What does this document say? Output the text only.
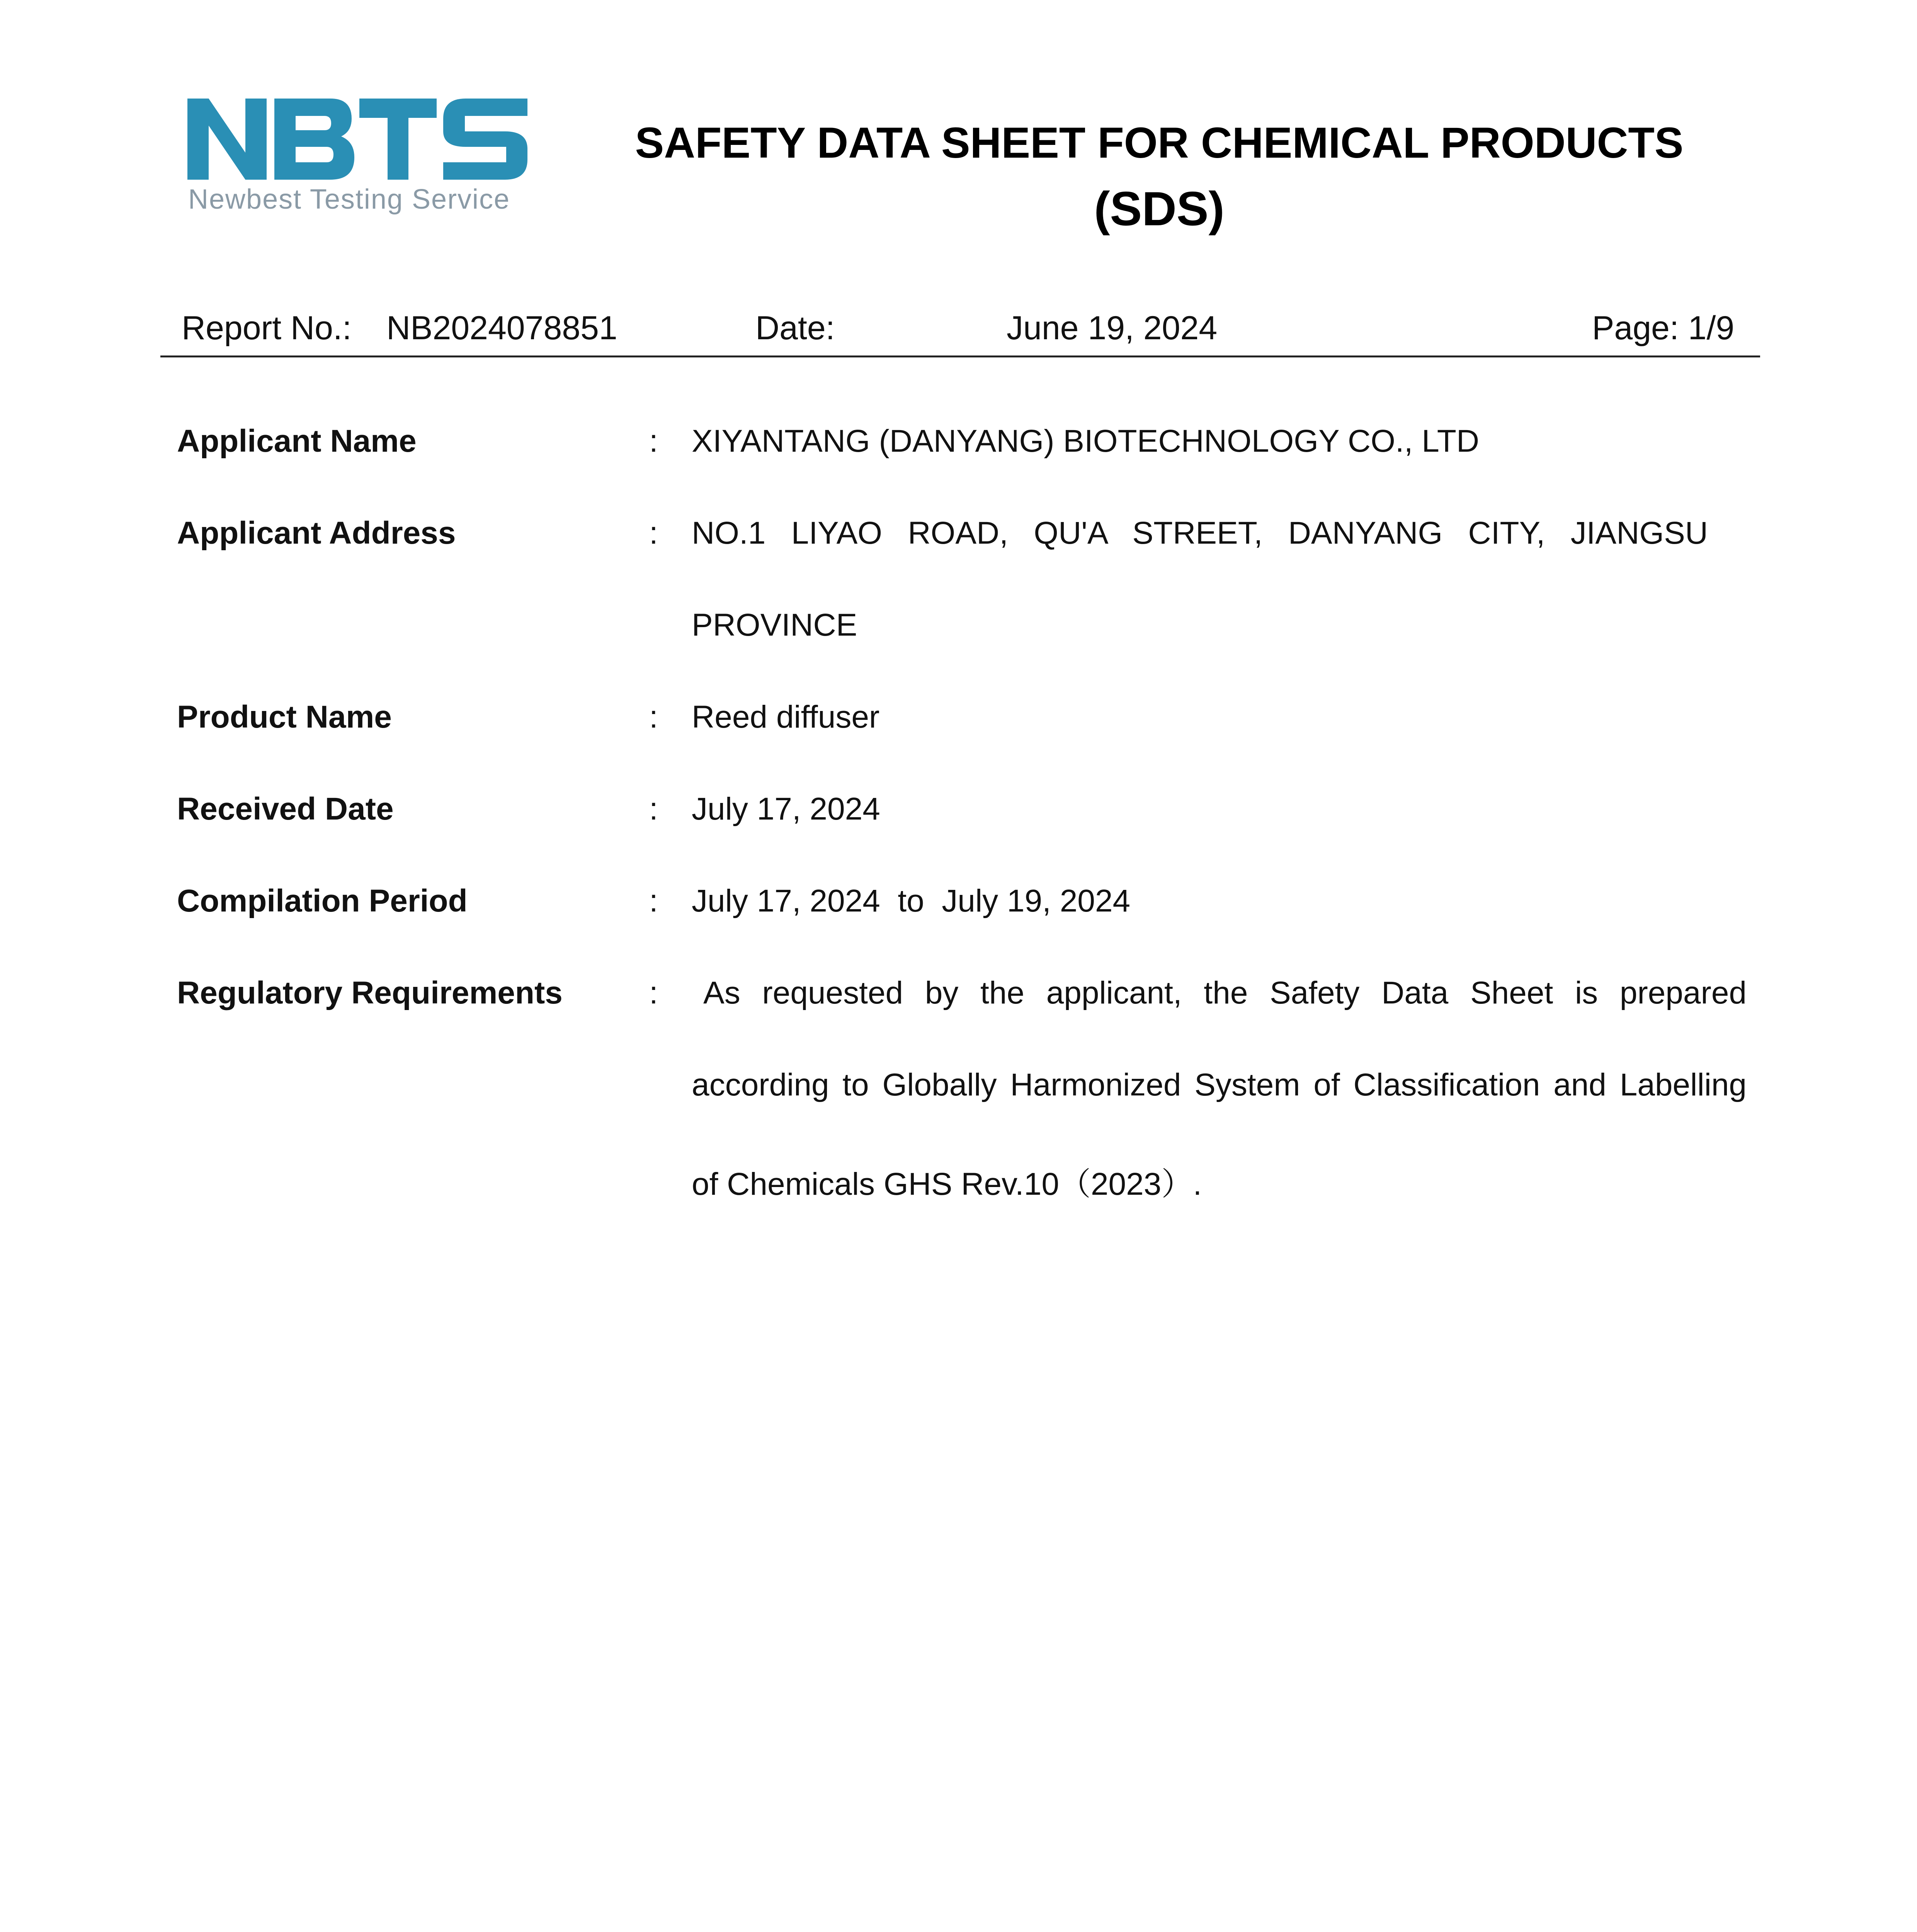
Newbest Testing Service
SAFETY DATA SHEET FOR CHEMICAL PRODUCTS
(SDS)
Report No.: NB2024078851	Date:	June 19, 2024	Page: 1/9
Applicant Name	: XIYANTANG (DANYANG) BIOTECHNOLOGY CO., LTD
Applicant Address	: NO.1 LIYAO ROAD, QU'A STREET, DANYANG CITY, JIANGSU
PROVINCE
Product Name	: Reed diffuser
Received Date	: July 17, 2024
Compilation Period	: July 17, 2024  to  July 19, 2024
Regulatory Requirements	: As requested by the applicant, the Safety Data Sheet is prepared
according to Globally Harmonized System of Classification and Labelling
of Chemicals GHS Rev.10（2023）.
